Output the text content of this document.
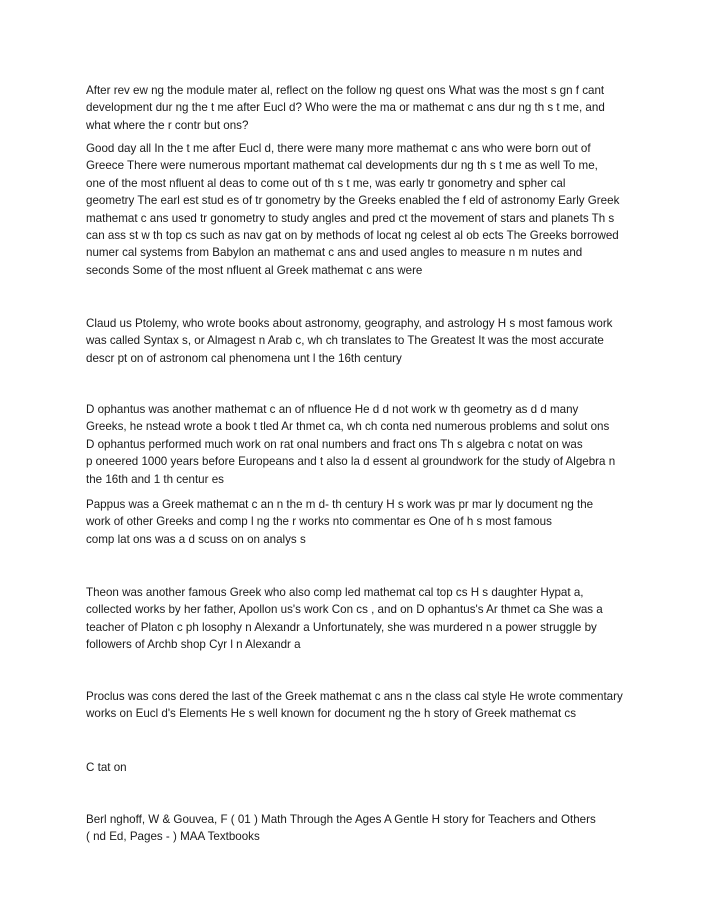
After rev ew ng the module mater al, reflect on the follow ng quest ons What was the most s gn f cant
development dur ng the t me after Eucl d? Who were the ma or mathemat c ans dur ng th s t me, and
what where the r contr but ons?

Good day all In the t me after Eucl d, there were many more mathemat c ans who were born out of
Greece There were numerous mportant mathemat cal developments dur ng th s t me as well To me,
one of the most nfluent al deas to come out of th s t me, was early tr gonometry and spher cal
geometry The earl est stud es of tr gonometry by the Greeks enabled the f eld of astronomy Early Greek
mathemat c ans used tr gonometry to study angles and pred ct the movement of stars and planets Th s
can ass st w th top cs such as nav gat on by methods of locat ng celest al ob ects The Greeks borrowed
numer cal systems from Babylon an mathemat c ans and used angles to measure n m nutes and
seconds Some of the most nfluent al Greek mathemat c ans were

Claud us Ptolemy, who wrote books about astronomy, geography, and astrology H s most famous work
was called Syntax s, or Almagest n Arab c, wh ch translates to The Greatest It was the most accurate
descr pt on of astronom cal phenomena unt l the 16th century

D ophantus was another mathemat c an of nfluence He d d not work w th geometry as d d many
Greeks, he nstead wrote a book t tled Ar thmet ca, wh ch conta ned numerous problems and solut ons
D ophantus performed much work on rat onal numbers and fract ons Th s algebra c notat on was
p oneered 1000 years before Europeans and t also la d essent al groundwork for the study of Algebra n
the 16th and 1 th centur es

Pappus was a Greek mathemat c an n the m d- th century H s work was pr mar ly document ng the
work of other Greeks and comp l ng the r works nto commentar es One of h s most famous
comp lat ons was a d scuss on on analys s

Theon was another famous Greek who also comp led mathemat cal top cs H s daughter Hypat a,
collected works by her father, Apollon us's work Con cs , and on D ophantus's Ar thmet ca She was a
teacher of Platon c ph losophy n Alexandr a Unfortunately, she was murdered n a power struggle by
followers of Archb shop Cyr l n Alexandr a

Proclus was cons dered the last of the Greek mathemat c ans n the class cal style He wrote commentary
works on Eucl d's Elements He s well known for document ng the h story of Greek mathemat cs

C tat on

Berl nghoff, W & Gouvea, F ( 01 ) Math Through the Ages A Gentle H story for Teachers and Others
( nd Ed, Pages - ) MAA Textbooks
